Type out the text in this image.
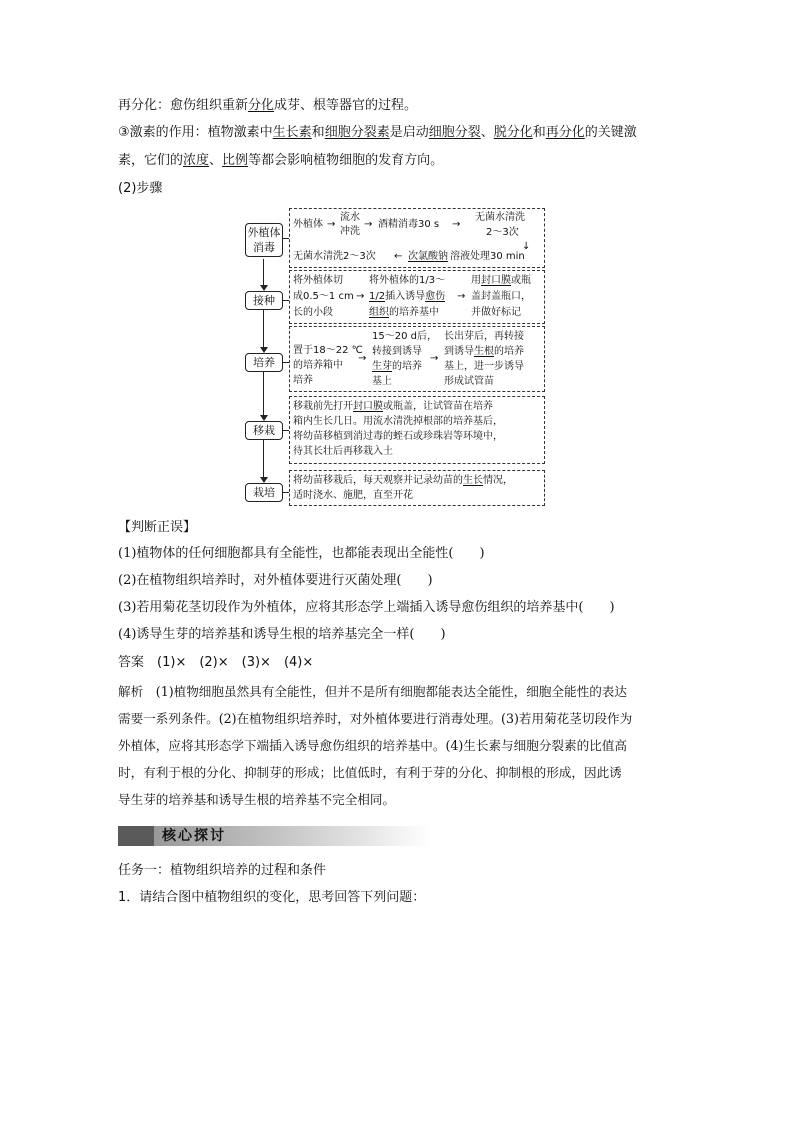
再分化：愈伤组织重新分化成芽、根等器官的过程。
③激素的作用：植物激素中生长素和细胞分裂素是启动细胞分裂、脱分化和再分化的关键激
素，它们的浓度、比例等都会影响植物细胞的发育方向。
(2)步骤
外植体
消毒
接种
培养
移栽
栽培
外植体 →
流水
冲洗
→ 酒精消毒30 s →
无菌水清洗
2～3次
↓
无菌水清洗2～3次 ← 次氯酸钠 溶液处理30 min
将外植体切
成0.5～1 cm
长的小段
→
将外植体的1/3～
1/2插入诱导愈伤
组织的培养基中
→
用封口膜或瓶
盖封盖瓶口，
并做好标记
置于18～22 ℃
的培养箱中
培养
→
15～20 d后，
转接到诱导
生芽的培养
基上
→
长出芽后，再转接
到诱导生根的培养
基上，进一步诱导
形成试管苗
移栽前先打开封口膜或瓶盖，让试管苗在培养
箱内生长几日。用流水清洗掉根部的培养基后，
将幼苗移植到消过毒的蛭石或珍珠岩等环境中，
待其长壮后再移栽入土
将幼苗移栽后，每天观察并记录幼苗的生长情况，
适时浇水、施肥，直至开花
【判断正误】
(1)植物体的任何细胞都具有全能性，也都能表现出全能性(　　)
(2)在植物组织培养时，对外植体要进行灭菌处理(　　)
(3)若用菊花茎切段作为外植体，应将其形态学上端插入诱导愈伤组织的培养基中(　　)
(4)诱导生芽的培养基和诱导生根的培养基完全一样(　　)
答案　 (1)×　(2)×　(3)×　(4)×
解析　 (1)植物细胞虽然具有全能性，但并不是所有细胞都能表达全能性，细胞全能性的表达
需要一系列条件。(2)在植物组织培养时，对外植体要进行消毒处理。(3)若用菊花茎切段作为
外植体，应将其形态学下端插入诱导愈伤组织的培养基中。(4)生长素与细胞分裂素的比值高
时，有利于根的分化、抑制芽的形成；比值低时，有利于芽的分化、抑制根的形成，因此诱
导生芽的培养基和诱导生根的培养基不完全相同。
核心探讨
任务一：植物组织培养的过程和条件
1．请结合图中植物组织的变化，思考回答下列问题：
